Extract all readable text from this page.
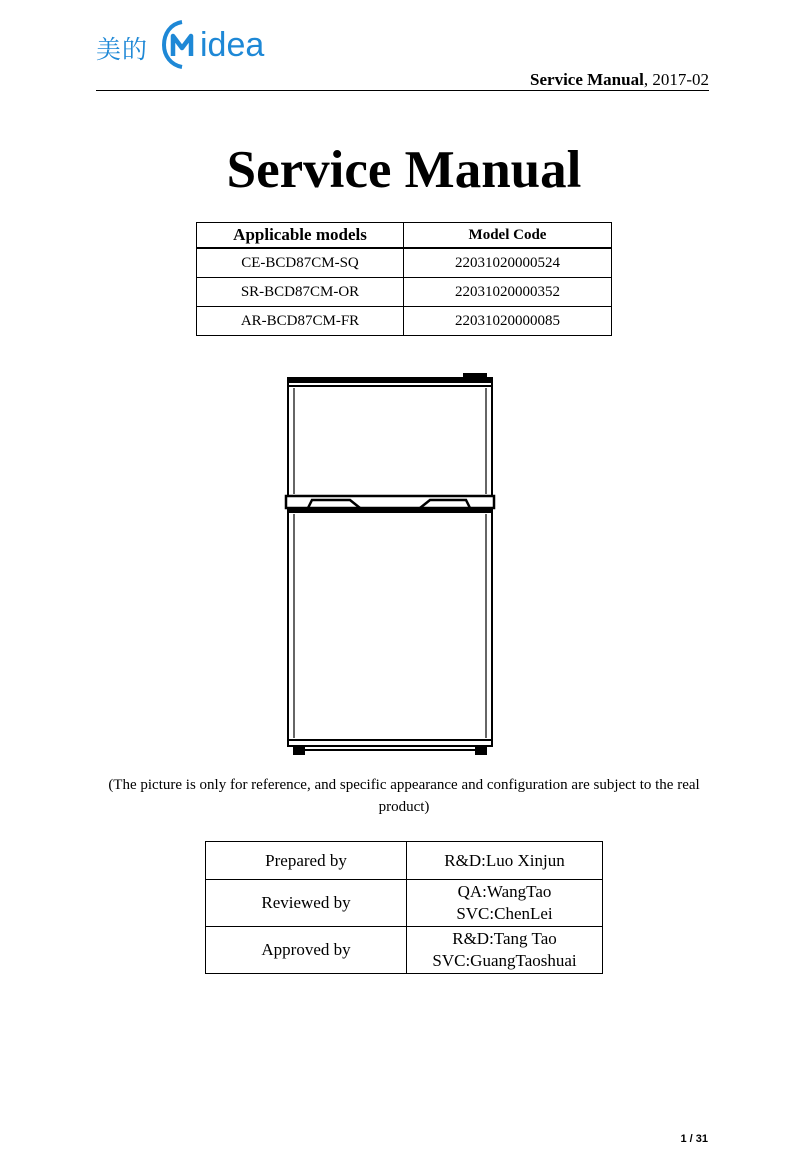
美的 idea
Service Manual, 2017-02
Service Manual
Applicable models	Model Code
CE-BCD87CM-SQ	22031020000524
SR-BCD87CM-OR	22031020000352
AR-BCD87CM-FR	22031020000085
(The picture is only for reference, and specific appearance and configuration are subject to the real product)
Prepared by	R&D:Luo Xinjun

Reviewed by	QA:WangTao
SVC:ChenLei

Approved by	R&D:Tang Tao
SVC:GuangTaoshuai
1 / 31
